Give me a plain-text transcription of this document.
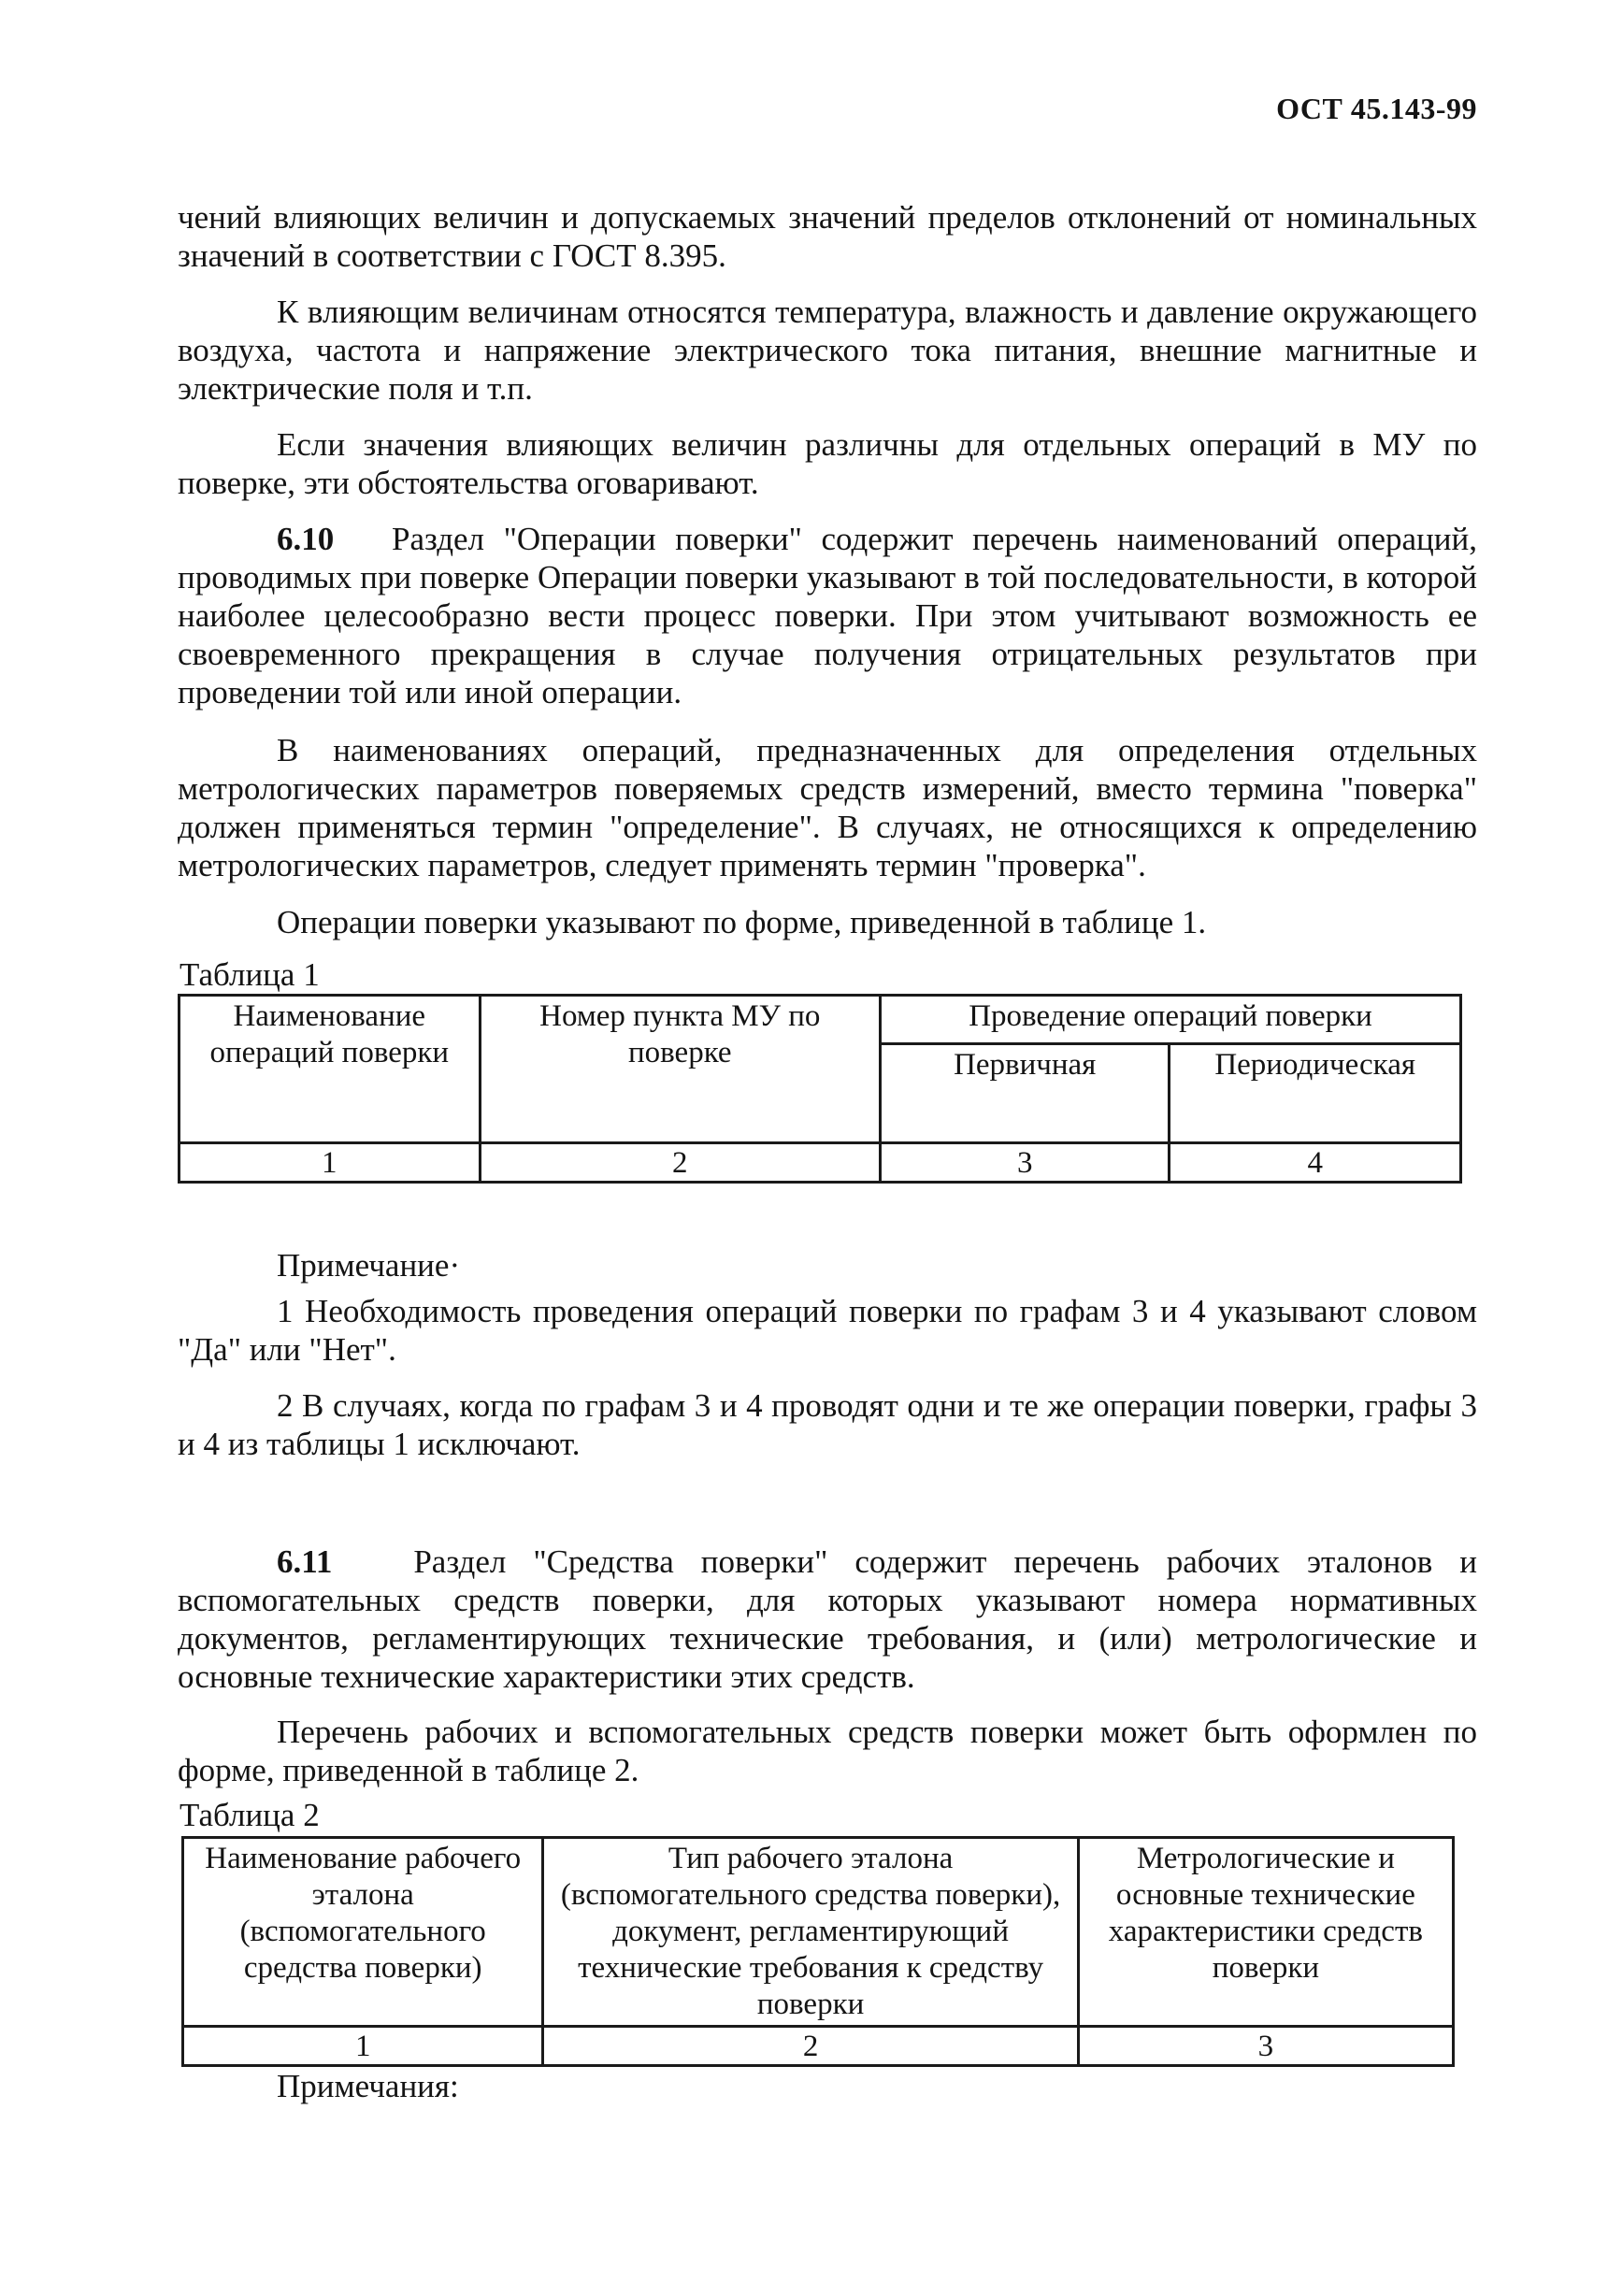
ОСТ 45.143-99
чений влияющих величин и допускаемых значений пределов отклонений от номинальных значений в соответствии с ГОСТ 8.395.
К влияющим величинам относятся температура, влажность и давление окружающего воздуха, частота и напряжение электрического тока питания, внешние магнитные и электрические поля и т.п.
Если значения влияющих величин различны для отдельных операций в МУ по поверке, эти обстоятельства оговаривают.
6.10 Раздел "Операции поверки" содержит перечень наименований операций, проводимых при поверке Операции поверки указывают в той последовательности, в которой наиболее целесообразно вести процесс поверки. При этом учитывают возможность ее своевременного прекращения в случае получения отрицательных результатов при проведении той или иной операции.
В наименованиях операций, предназначенных для определения отдельных метрологических параметров поверяемых средств измерений, вместо термина "поверка" должен применяться термин "определение". В случаях, не относящихся к определению метрологических параметров, следует применять термин "проверка".
Операции поверки указывают по форме, приведенной в таблице 1.
Таблица 1
Наименование операций поверки	Номер пункта МУ по поверке	Проведение операций поверки	
		Первичная	Периодическая
1	2	3	4
Примечание·
1 Необходимость проведения операций поверки по графам 3 и 4 указывают словом "Да" или "Нет".
2 В случаях, когда по графам 3 и 4 проводят одни и те же операции поверки, графы 3 и 4 из таблицы 1 исключают.
6.11 Раздел "Средства поверки" содержит перечень рабочих эталонов и вспомогательных средств поверки, для которых указывают номера нормативных документов, регламентирующих технические требования, и (или) метрологические и основные технические характеристики этих средств.
Перечень рабочих и вспомогательных средств поверки может быть оформлен по форме, приведенной в таблице 2.
Таблица 2
Наименование рабочего эталона (вспомогательного средства поверки)	Тип рабочего эталона (вспомогательного средства поверки), документ, регламентирующий технические требования к средству поверки	Метрологические и основные технические характеристики средств поверки
1	2	3
Примечания:
